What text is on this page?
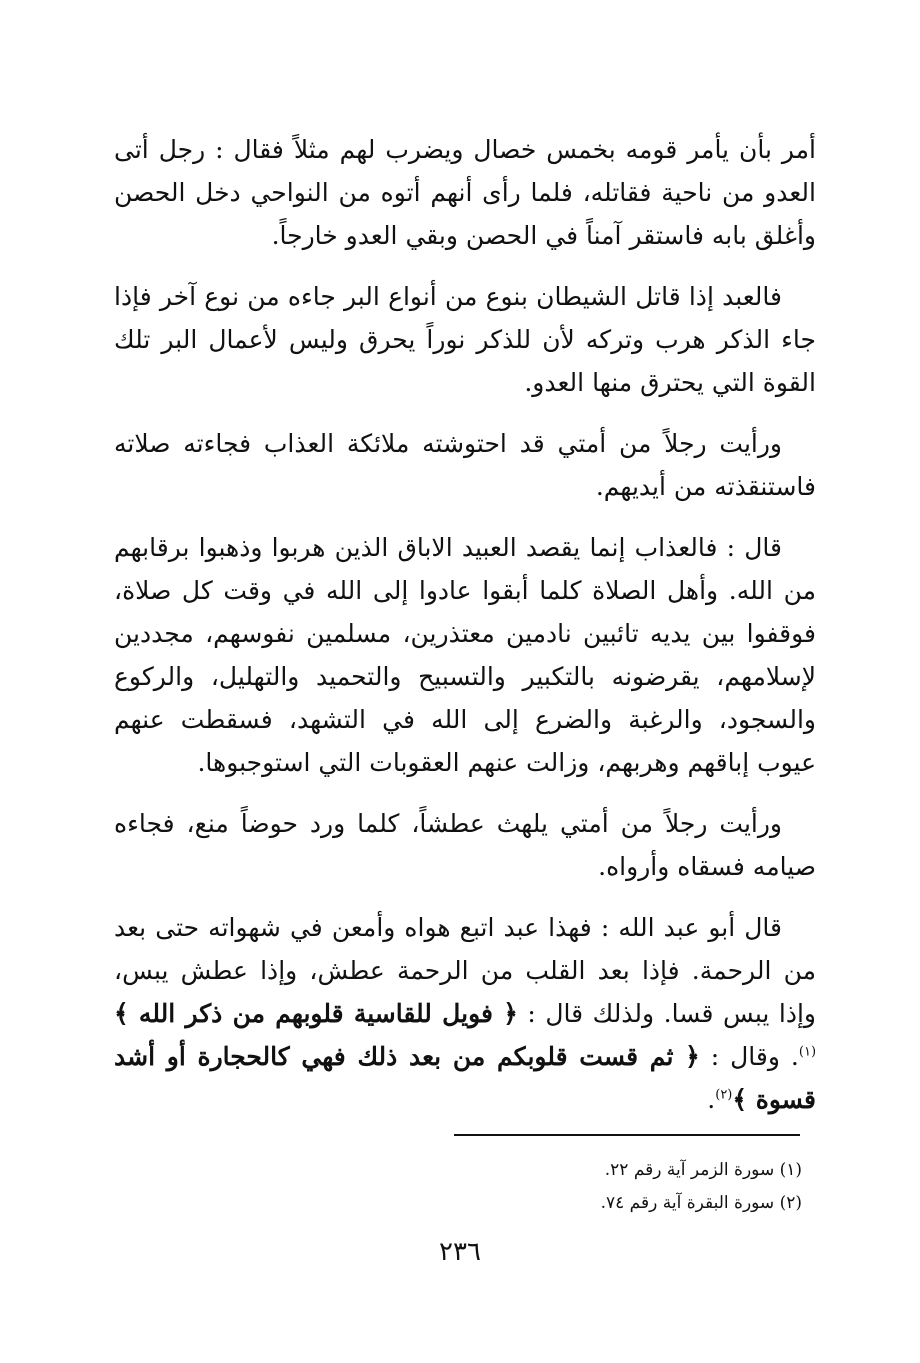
أمر بأن يأمر قومه بخمس خصال ويضرب لهم مثلاً فقال : رجل أتى العدو من ناحية فقاتله، فلما رأى أنهم أتوه من النواحي دخل الحصن وأغلق بابه فاستقر آمناً في الحصن وبقي العدو خارجاً.

فالعبد إذا قاتل الشيطان بنوع من أنواع البر جاءه من نوع آخر فإذا جاء الذكر هرب وتركه لأن للذكر نوراً يحرق وليس لأعمال البر تلك القوة التي يحترق منها العدو.

ورأيت رجلاً من أمتي قد احتوشته ملائكة العذاب فجاءته صلاته فاستنقذته من أيديهم.

قال : فالعذاب إنما يقصد العبيد الاباق الذين هربوا وذهبوا برقابهم من الله. وأهل الصلاة كلما أبقوا عادوا إلى الله في وقت كل صلاة، فوقفوا بين يديه تائبين نادمين معتذرين، مسلمين نفوسهم، مجددين لإسلامهم، يقرضونه بالتكبير والتسبيح والتحميد والتهليل، والركوع والسجود، والرغبة والضرع إلى الله في التشهد، فسقطت عنهم عيوب إباقهم وهربهم، وزالت عنهم العقوبات التي استوجبوها.

ورأيت رجلاً من أمتي يلهث عطشاً، كلما ورد حوضاً منع، فجاءه صيامه فسقاه وأرواه.

قال أبو عبد الله : فهذا عبد اتبع هواه وأمعن في شهواته حتى بعد من الرحمة. فإذا بعد القلب من الرحمة عطش، وإذا عطش يبس، وإذا يبس قسا. ولذلك قال : ﴿ فويل للقاسية قلوبهم من ذكر الله ﴾$^{(١)}$. وقال : ﴿ ثم قست قلوبكم من بعد ذلك فهي كالحجارة أو أشد قسوة ﴾$^{(٢)}$.

(١) سورة الزمر آية رقم ٢٢.
(٢) سورة البقرة آية رقم ٧٤.
٢٣٦
